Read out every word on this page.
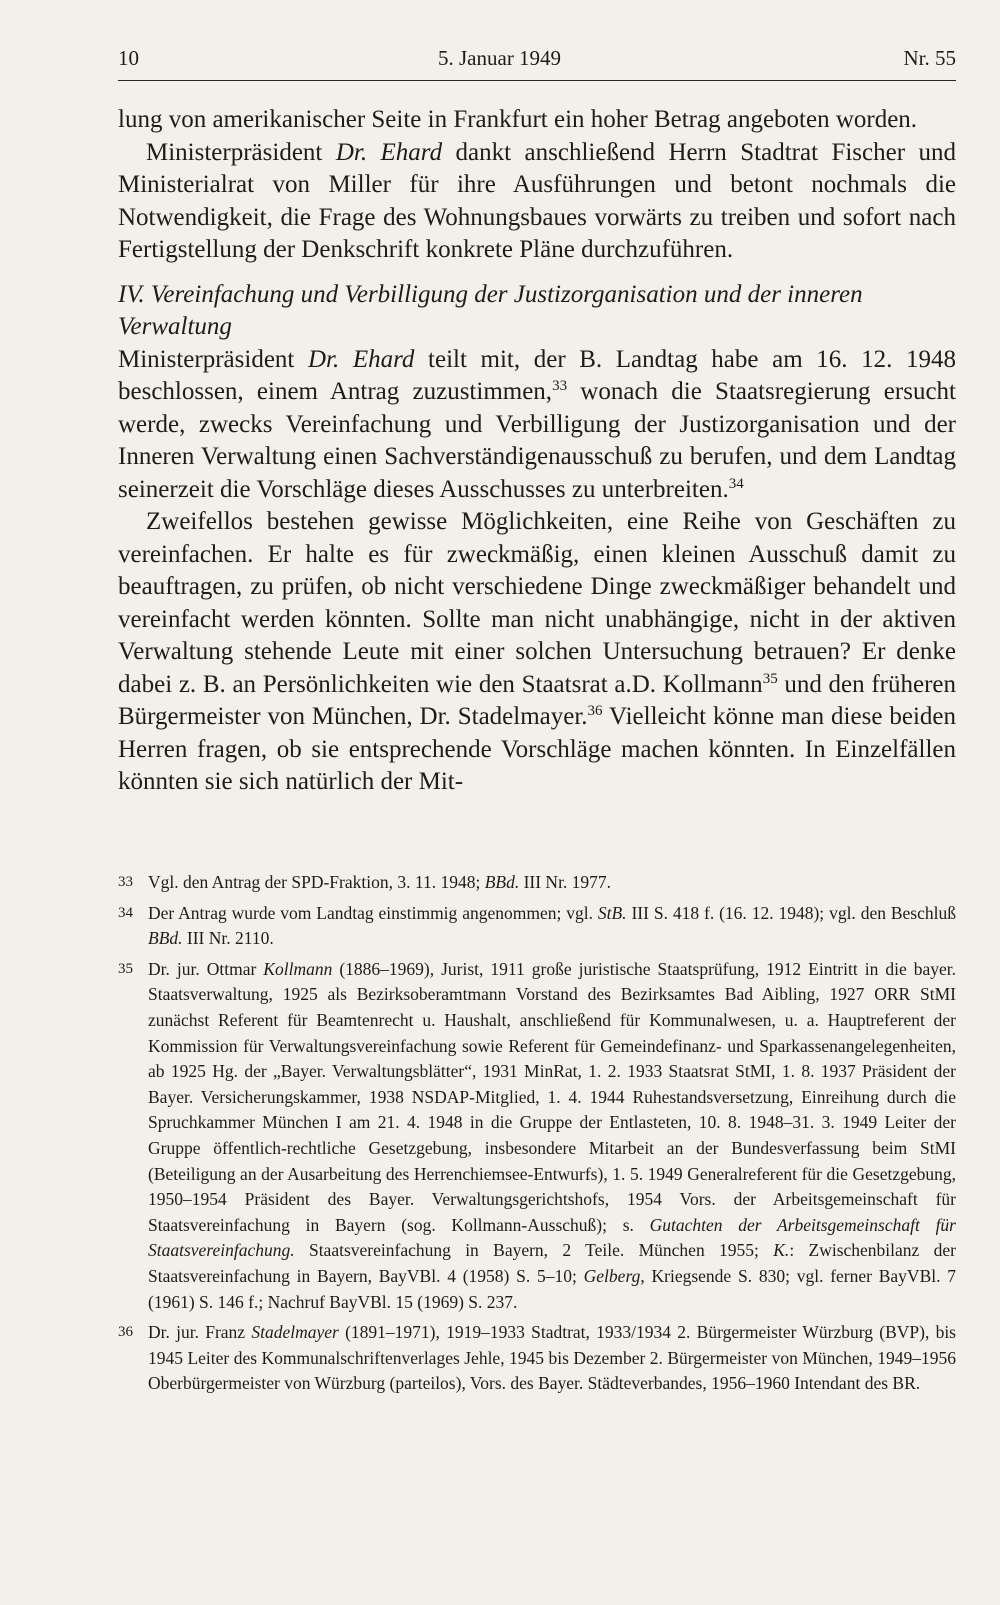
10	5. Januar 1949	Nr. 55

lung von amerikanischer Seite in Frankfurt ein hoher Betrag angeboten worden.

Ministerpräsident Dr. Ehard dankt anschließend Herrn Stadtrat Fischer und Ministerialrat von Miller für ihre Ausführungen und betont nochmals die Notwendigkeit, die Frage des Wohnungsbaues vorwärts zu treiben und sofort nach Fertigstellung der Denkschrift konkrete Pläne durchzuführen.

IV. Vereinfachung und Verbilligung der Justizorganisation und der inneren Verwaltung

Ministerpräsident Dr. Ehard teilt mit, der B. Landtag habe am 16. 12. 1948 beschlossen, einem Antrag zuzustimmen,$^{33}$ wonach die Staatsregierung ersucht werde, zwecks Vereinfachung und Verbilligung der Justizorganisation und der Inneren Verwaltung einen Sachverständigenausschuß zu berufen, und dem Landtag seinerzeit die Vorschläge dieses Ausschusses zu unterbreiten.$^{34}$

Zweifellos bestehen gewisse Möglichkeiten, eine Reihe von Geschäften zu vereinfachen. Er halte es für zweckmäßig, einen kleinen Ausschuß damit zu beauftragen, zu prüfen, ob nicht verschiedene Dinge zweckmäßiger behandelt und vereinfacht werden könnten. Sollte man nicht unabhängige, nicht in der aktiven Verwaltung stehende Leute mit einer solchen Untersuchung betrauen? Er denke dabei z. B. an Persönlichkeiten wie den Staatsrat a.D. Kollmann$^{35}$ und den früheren Bürgermeister von München, Dr. Stadelmayer.$^{36}$ Vielleicht könne man diese beiden Herren fragen, ob sie entsprechende Vorschläge machen könnten. In Einzelfällen könnten sie sich natürlich der Mit-

33 Vgl. den Antrag der SPD-Fraktion, 3. 11. 1948; BBd. III Nr. 1977.

34 Der Antrag wurde vom Landtag einstimmig angenommen; vgl. StB. III S. 418 f. (16. 12. 1948); vgl. den Beschluß BBd. III Nr. 2110.

35 Dr. jur. Ottmar Kollmann (1886–1969), Jurist, 1911 große juristische Staatsprüfung, 1912 Eintritt in die bayer. Staatsverwaltung, 1925 als Bezirksoberamtmann Vorstand des Bezirksamtes Bad Aibling, 1927 ORR StMI zunächst Referent für Beamtenrecht u. Haushalt, anschließend für Kommunalwesen, u. a. Hauptreferent der Kommission für Verwaltungsvereinfachung sowie Referent für Gemeindefinanz- und Sparkassenangelegenheiten, ab 1925 Hg. der „Bayer. Verwaltungsblätter“, 1931 MinRat, 1. 2. 1933 Staatsrat StMI, 1. 8. 1937 Präsident der Bayer. Versicherungskammer, 1938 NSDAP-Mitglied, 1. 4. 1944 Ruhestandsversetzung, Einreihung durch die Spruchkammer München I am 21. 4. 1948 in die Gruppe der Entlasteten, 10. 8. 1948–31. 3. 1949 Leiter der Gruppe öffentlich-rechtliche Gesetzgebung, insbesondere Mitarbeit an der Bundesverfassung beim StMI (Beteiligung an der Ausarbeitung des Herrenchiemsee-Entwurfs), 1. 5. 1949 Generalreferent für die Gesetzgebung, 1950–1954 Präsident des Bayer. Verwaltungsgerichtshofs, 1954 Vors. der Arbeitsgemeinschaft für Staatsvereinfachung in Bayern (sog. Kollmann-Ausschuß); s. Gutachten der Arbeitsgemeinschaft für Staatsvereinfachung. Staatsvereinfachung in Bayern, 2 Teile. München 1955; K.: Zwischenbilanz der Staatsvereinfachung in Bayern, BayVBl. 4 (1958) S. 5–10; Gelberg, Kriegsende S. 830; vgl. ferner BayVBl. 7 (1961) S. 146 f.; Nachruf BayVBl. 15 (1969) S. 237.

36 Dr. jur. Franz Stadelmayer (1891–1971), 1919–1933 Stadtrat, 1933/1934 2. Bürgermeister Würzburg (BVP), bis 1945 Leiter des Kommunalschriftenverlages Jehle, 1945 bis Dezember 2. Bürgermeister von München, 1949–1956 Oberbürgermeister von Würzburg (parteilos), Vors. des Bayer. Städteverbandes, 1956–1960 Intendant des BR.
